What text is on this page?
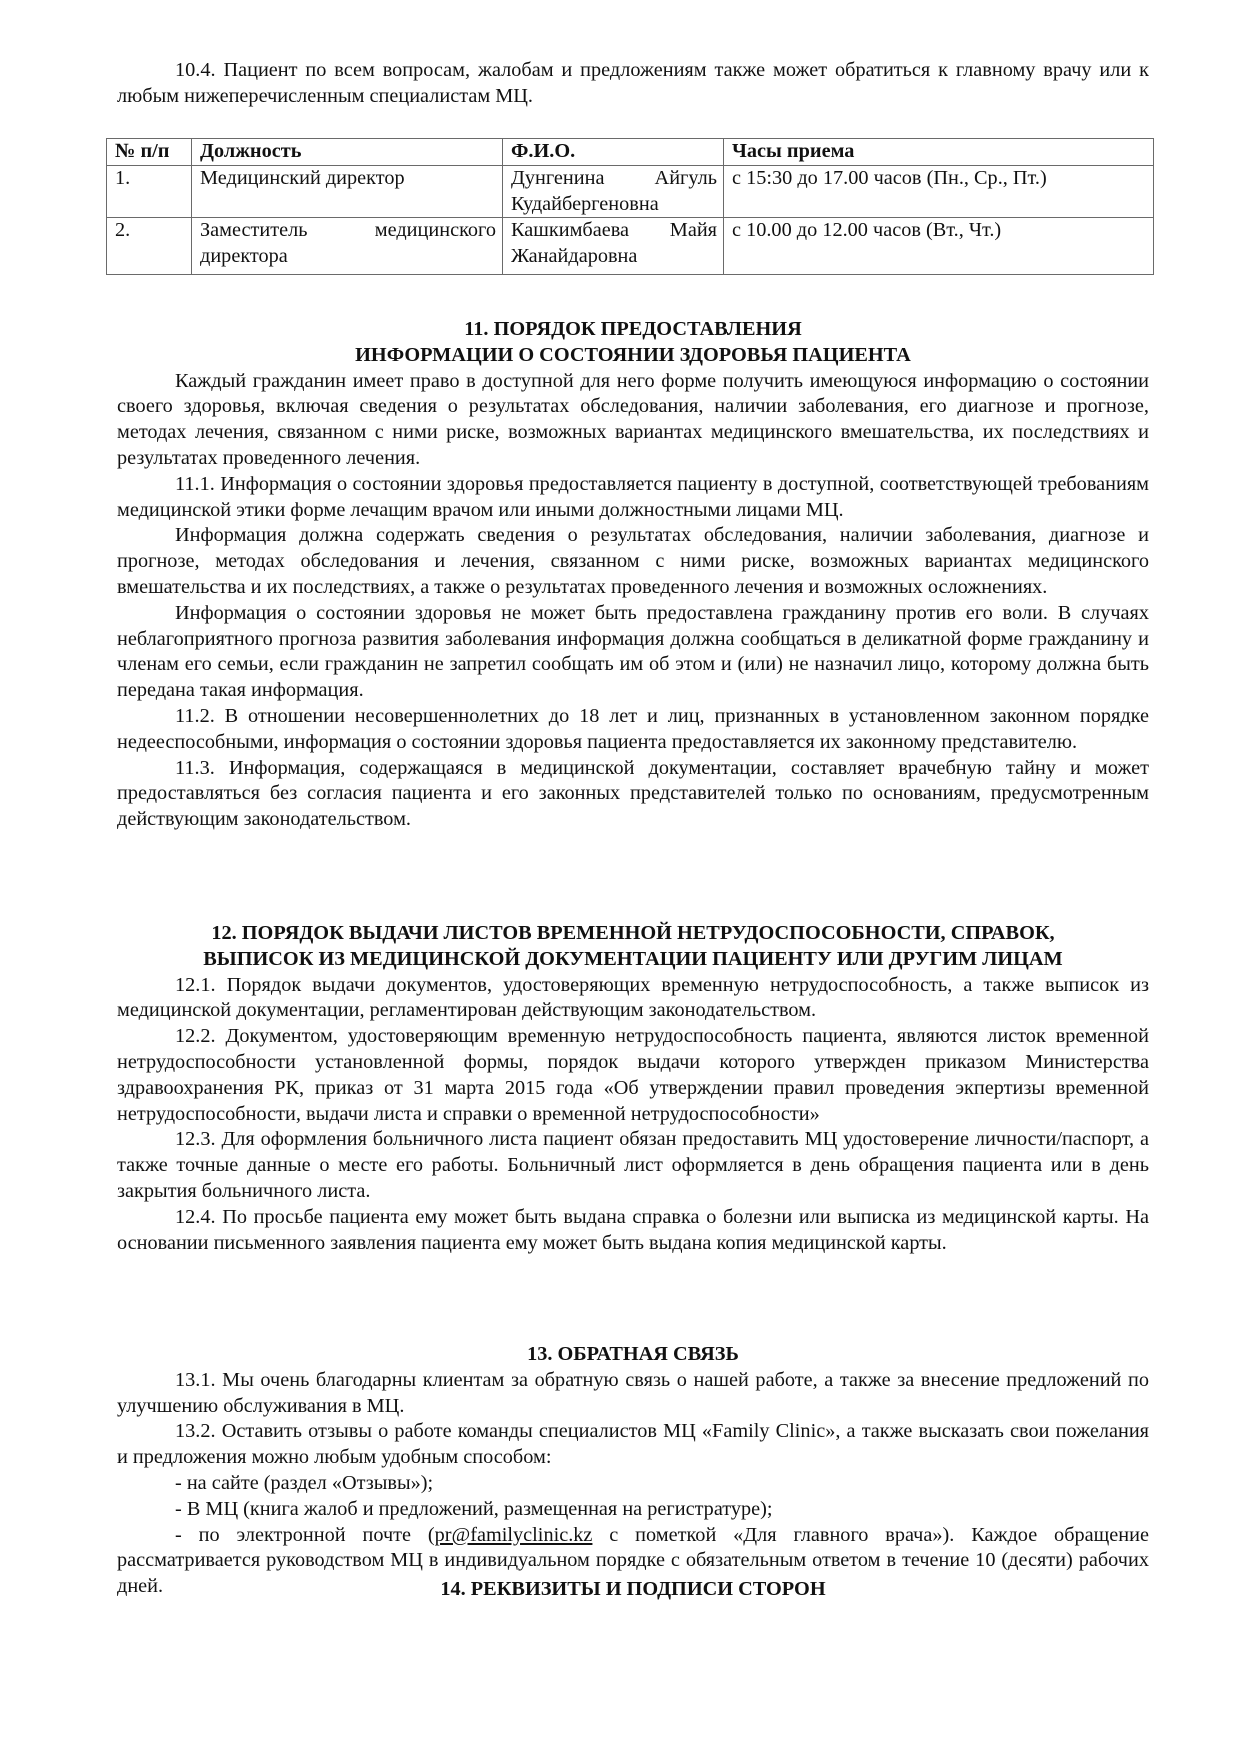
10.4. Пациент по всем вопросам, жалобам и предложениям также может обратиться к главному врачу или к любым нижеперечисленным специалистам МЦ.

№ п/п	Должность	Ф.И.О.	Часы приема
1.	Медицинский директор	Дунгенина Айгуль Кудайбергеновна	с 15:30 до 17.00 часов (Пн., Ср., Пт.)
2.	Заместитель медицинского директора	Кашкимбаева Майя Жанайдаровна	с 10.00 до 12.00 часов (Вт., Чт.)

11. ПОРЯДОК ПРЕДОСТАВЛЕНИЯ

ИНФОРМАЦИИ О СОСТОЯНИИ ЗДОРОВЬЯ ПАЦИЕНТА

Каждый гражданин имеет право в доступной для него форме получить имеющуюся информацию о состоянии своего здоровья, включая сведения о результатах обследования, наличии заболевания, его диагнозе и прогнозе, методах лечения, связанном с ними риске, возможных вариантах медицинского вмешательства, их последствиях и результатах проведенного лечения.

11.1. Информация о состоянии здоровья предоставляется пациенту в доступной, соответствующей требованиям медицинской этики форме лечащим врачом или иными должностными лицами МЦ.

Информация должна содержать сведения о результатах обследования, наличии заболевания, диагнозе и прогнозе, методах обследования и лечения, связанном с ними риске, возможных вариантах медицинского вмешательства и их последствиях, а также о результатах проведенного лечения и возможных осложнениях.

Информация о состоянии здоровья не может быть предоставлена гражданину против его воли. В случаях неблагоприятного прогноза развития заболевания информация должна сообщаться в деликатной форме гражданину и членам его семьи, если гражданин не запретил сообщать им об этом и (или) не назначил лицо, которому должна быть передана такая информация.

11.2. В отношении несовершеннолетних до 18 лет и лиц, признанных в установленном законном порядке недееспособными, информация о состоянии здоровья пациента предоставляется их законному представителю.

11.3. Информация, содержащаяся в медицинской документации, составляет врачебную тайну и может предоставляться без согласия пациента и его законных представителей только по основаниям, предусмотренным действующим законодательством.

12. ПОРЯДОК ВЫДАЧИ ЛИСТОВ ВРЕМЕННОЙ НЕТРУДОСПОСОБНОСТИ, СПРАВОК,

ВЫПИСОК ИЗ МЕДИЦИНСКОЙ ДОКУМЕНТАЦИИ ПАЦИЕНТУ ИЛИ ДРУГИМ ЛИЦАМ

12.1. Порядок выдачи документов, удостоверяющих временную нетрудоспособность, а также выписок из медицинской документации, регламентирован действующим законодательством.

12.2. Документом, удостоверяющим временную нетрудоспособность пациента, являются листок временной нетрудоспособности установленной формы, порядок выдачи которого утвержден приказом Министерства здравоохранения РК, приказ от 31 марта 2015 года «Об утверждении правил проведения экпертизы временной нетрудоспособности, выдачи листа и справки о временной нетрудоспособности»

12.3. Для оформления больничного листа пациент обязан предоставить МЦ удостоверение личности/паспорт, а также точные данные о месте его работы. Больничный лист оформляется в день обращения пациента или в день закрытия больничного листа.

12.4. По просьбе пациента ему может быть выдана справка о болезни или выписка из медицинской карты. На основании письменного заявления пациента ему может быть выдана копия медицинской карты.

13. ОБРАТНАЯ СВЯЗЬ

13.1. Мы очень благодарны клиентам за обратную связь о нашей работе, а также за внесение предложений по улучшению обслуживания в МЦ.

13.2. Оставить отзывы о работе команды специалистов МЦ «Family Clinic», а также высказать свои пожелания и предложения можно любым удобным способом:

- на сайте (раздел «Отзывы»);

- В МЦ (книга жалоб и предложений, размещенная на регистратуре);

- по электронной почте (pr@familyclinic.kz с пометкой «Для главного врача»). Каждое обращение рассматривается руководством МЦ в индивидуальном порядке с обязательным ответом в течение 10 (десяти) рабочих дней.	14. РЕКВИЗИТЫ И ПОДПИСИ СТОРОН
